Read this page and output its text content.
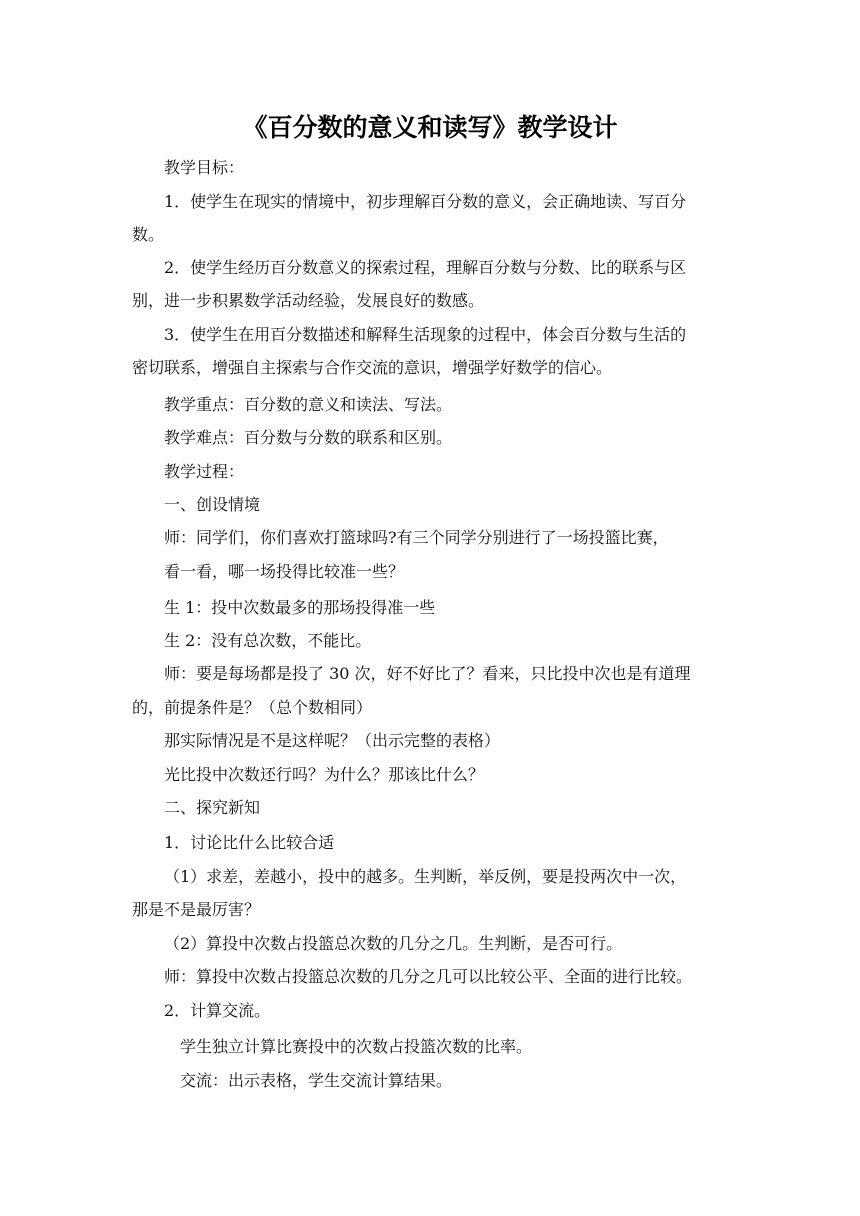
《百分数的意义和读写》教学设计
教学目标：
1．使学生在现实的情境中，初步理解百分数的意义，会正确地读、写百分
数。
2．使学生经历百分数意义的探索过程，理解百分数与分数、比的联系与区
别，进一步积累数学活动经验，发展良好的数感。
3．使学生在用百分数描述和解释生活现象的过程中，体会百分数与生活的
密切联系，增强自主探索与合作交流的意识，增强学好数学的信心。
教学重点：百分数的意义和读法、写法。
教学难点：百分数与分数的联系和区别。
教学过程：
一、创设情境
师：同学们，你们喜欢打篮球吗?有三个同学分别进行了一场投篮比赛，
看一看，哪一场投得比较准一些？
生 1：投中次数最多的那场投得准一些
生 2：没有总次数，不能比。
师：要是每场都是投了 30 次，好不好比了？看来，只比投中次也是有道理
的，前提条件是？（总个数相同）
那实际情况是不是这样呢？（出示完整的表格）
光比投中次数还行吗？为什么？那该比什么？
二、探究新知
1．讨论比什么比较合适
（1）求差，差越小，投中的越多。生判断，举反例，要是投两次中一次，
那是不是最厉害？
（2）算投中次数占投篮总次数的几分之几。生判断，是否可行。
师：算投中次数占投篮总次数的几分之几可以比较公平、全面的进行比较。
2．计算交流。
学生独立计算比赛投中的次数占投篮次数的比率。
交流：出示表格，学生交流计算结果。
